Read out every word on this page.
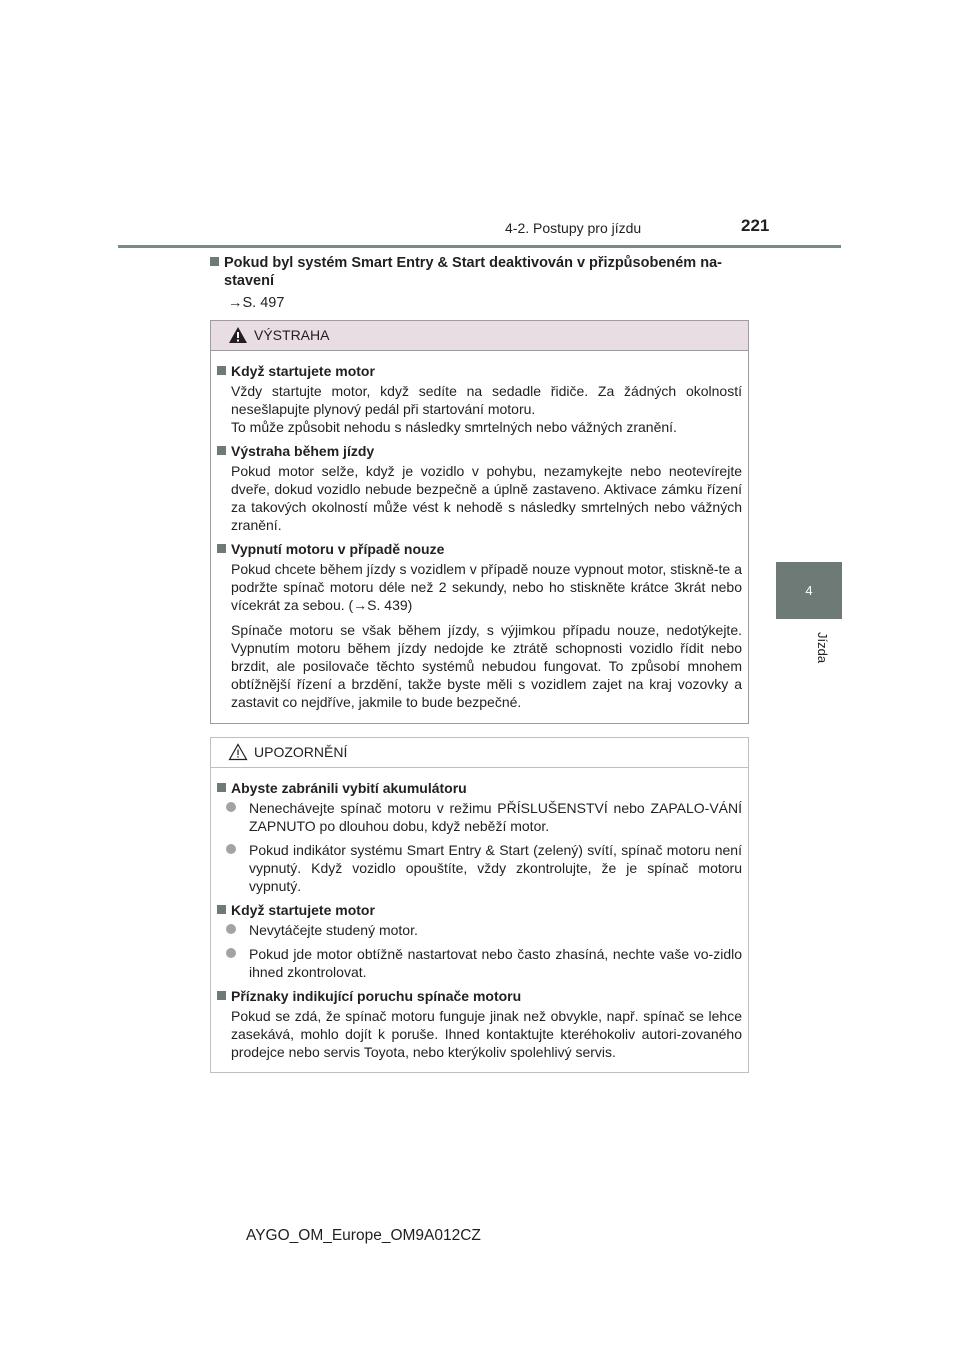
4-2. Postupy pro jízdu	221
4
Jízda
Pokud byl systém Smart Entry & Start deaktivován v přizpůsobeném na-stavení
→S. 497
VÝSTRAHA
Když startujete motor
Vždy startujte motor, když sedíte na sedadle řidiče. Za žádných okolností nesešlapujte plynový pedál při startování motoru.
To může způsobit nehodu s následky smrtelných nebo vážných zranění.
Výstraha během jízdy
Pokud motor selže, když je vozidlo v pohybu, nezamykejte nebo neotevírejte dveře, dokud vozidlo nebude bezpečně a úplně zastaveno. Aktivace zámku řízení za takových okolností může vést k nehodě s následky smrtelných nebo vážných zranění.
Vypnutí motoru v případě nouze
Pokud chcete během jízdy s vozidlem v případě nouze vypnout motor, stiskně-te a podržte spínač motoru déle než 2 sekundy, nebo ho stiskněte krátce 3krát nebo vícekrát za sebou. (→S. 439)
Spínače motoru se však během jízdy, s výjimkou případu nouze, nedotýkejte. Vypnutím motoru během jízdy nedojde ke ztrátě schopnosti vozidlo řídit nebo brzdit, ale posilovače těchto systémů nebudou fungovat. To způsobí mnohem obtížnější řízení a brzdění, takže byste měli s vozidlem zajet na kraj vozovky a zastavit co nejdříve, jakmile to bude bezpečné.
UPOZORNĚNÍ
Abyste zabránili vybití akumulátoru
Nenechávejte spínač motoru v režimu PŘÍSLUŠENSTVÍ nebo ZAPALO-VÁNÍ ZAPNUTO po dlouhou dobu, když neběží motor.
Pokud indikátor systému Smart Entry & Start (zelený) svítí, spínač motoru není vypnutý. Když vozidlo opouštíte, vždy zkontrolujte, že je spínač motoru vypnutý.
Když startujete motor
Nevytáčejte studený motor.
Pokud jde motor obtížně nastartovat nebo často zhasíná, nechte vaše vo-zidlo ihned zkontrolovat.
Příznaky indikující poruchu spínače motoru
Pokud se zdá, že spínač motoru funguje jinak než obvykle, např. spínač se lehce zasekává, mohlo dojít k poruše. Ihned kontaktujte kteréhokoliv autori-zovaného prodejce nebo servis Toyota, nebo kterýkoliv spolehlivý servis.
AYGO_OM_Europe_OM9A012CZ
